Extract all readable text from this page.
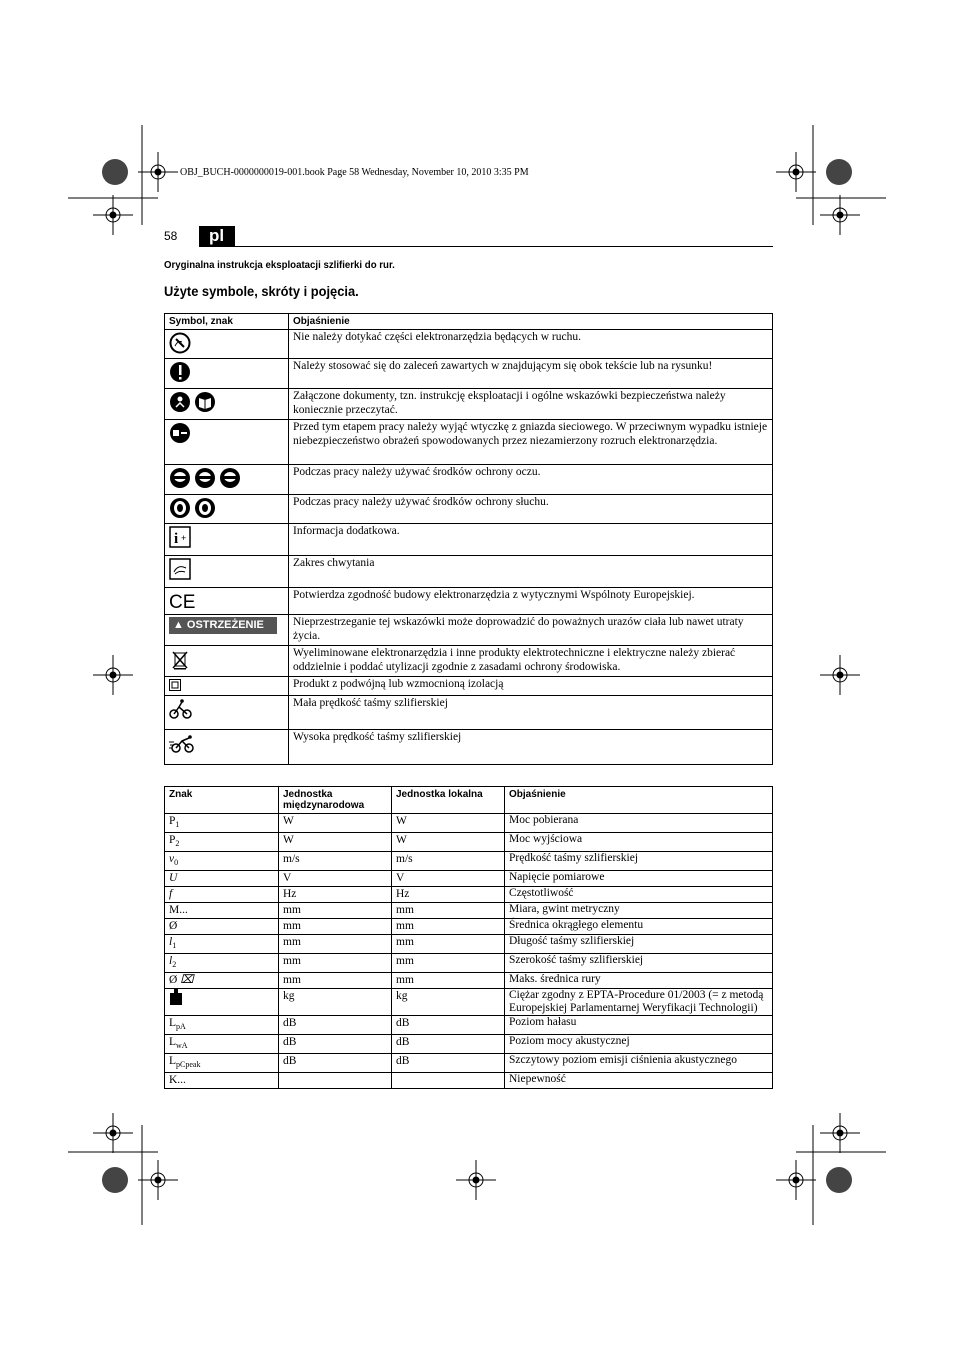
OBJ_BUCH-0000000019-001.book Page 58 Wednesday, November 10, 2010 3:35 PM
58	pl
Oryginalna instrukcja eksploatacji szlifierki do rur.
Użyte symbole, skróty i pojęcia.
Symbol, znak	Objaśnienie
	Nie należy dotykać części elektronarzędzia będących w ruchu.
	Należy stosować się do zaleceń zawartych w znajdującym się obok tekście lub na rysunku!
	Załączone dokumenty, tzn. instrukcję eksploatacji i ogólne wskazówki bezpieczeństwa należy koniecznie przeczytać.
	Przed tym etapem pracy należy wyjąć wtyczkę z gniazda sieciowego. W przeciwnym wypadku istnieje niebezpieczeństwo obrażeń spowodowanych przez niezamierzony rozruch elektronarzędzia.
	Podczas pracy należy używać środków ochrony oczu.
	Podczas pracy należy używać środków ochrony słuchu.

i +	Informacja dodatkowa.
	Zakres chwytania

CE	Potwierdza zgodność budowy elektronarzędzia z wytycznymi Wspólnoty Europejskiej.
▲ OSTRZEŻENIE	Nieprzestrzeganie tej wskazówki może doprowadzić do poważnych urazów ciała lub nawet utraty życia.
	Wyeliminowane elektronarzędzia i inne produkty elektrotechniczne i elektryczne należy zbierać oddzielnie i poddać utylizacji zgodnie z zasadami ochrony środowiska.
	Produkt z podwójną lub wzmocnioną izolacją
	Mała prędkość taśmy szlifierskiej
	Wysoka prędkość taśmy szlifierskiej
Znak	Jednostka międzynarodowa	Jednostka lokalna	Objaśnienie
$P_1$	W	W	Moc pobierana
$P_2$	W	W	Moc wyjściowa
$v_0$	m/s	m/s	Prędkość taśmy szlifierskiej
U	V	V	Napięcie pomiarowe
f	Hz	Hz	Częstotliwość
M...	mm	mm	Miara, gwint metryczny
Ø	mm	mm	Średnica okrągłego elementu
$l_1$	mm	mm	Długość taśmy szlifierskiej
$l_2$	mm	mm	Szerokość taśmy szlifierskiej
Ø ⌧	mm	mm	Maks. średnica rury
	kg	kg	Ciężar zgodny z EPTA-Procedure 01/2003 (= z metodą Europejskiej Parlamentarnej Weryfikacji Technologii)
$L_{pA}$	dB	dB	Poziom hałasu
$L_{wA}$	dB	dB	Poziom mocy akustycznej
$L_{pCpeak}$	dB	dB	Szczytowy poziom emisji ciśnienia akustycznego
K...			Niepewność
